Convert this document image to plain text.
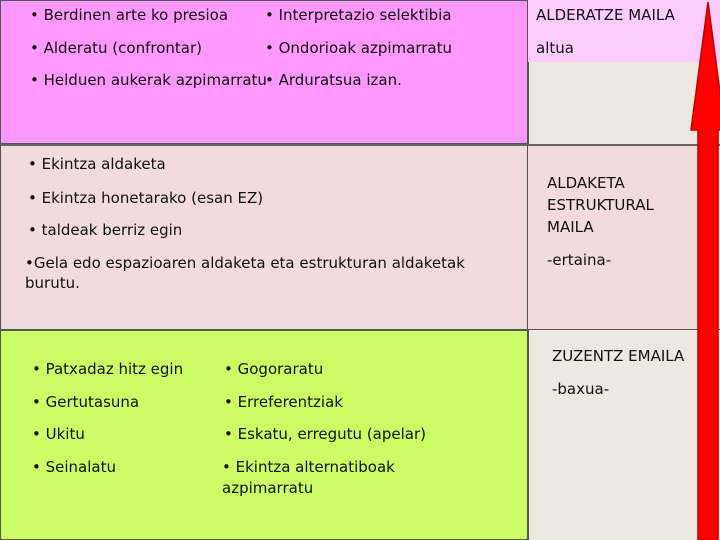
• Berdinen arte ko presioa • Interpretazio selektibia
• Alderatu (confrontar)	• Ondorioak azpimarratu
• Helduen aukerak azpimarratu
• Arduratsua izan.
ALDERATZE MAILA
altua
• Ekintza aldaketa
• Ekintza honetarako (esan EZ)
• taldeak berriz egin
•Gela edo espazioaren aldaketa eta estrukturan aldaketak burutu.
ALDAKETA ESTRUKTURAL MAILA
-ertaina-
• Patxadaz hitz egin	• Gogoraratu
• Gertutasuna	• Erreferentziak
• Ukitu	• Eskatu, erregutu (apelar)
• Seinalatu	• Ekintza alternatiboak azpimarratu
ZUZENTZ EMAILA
-baxua-
